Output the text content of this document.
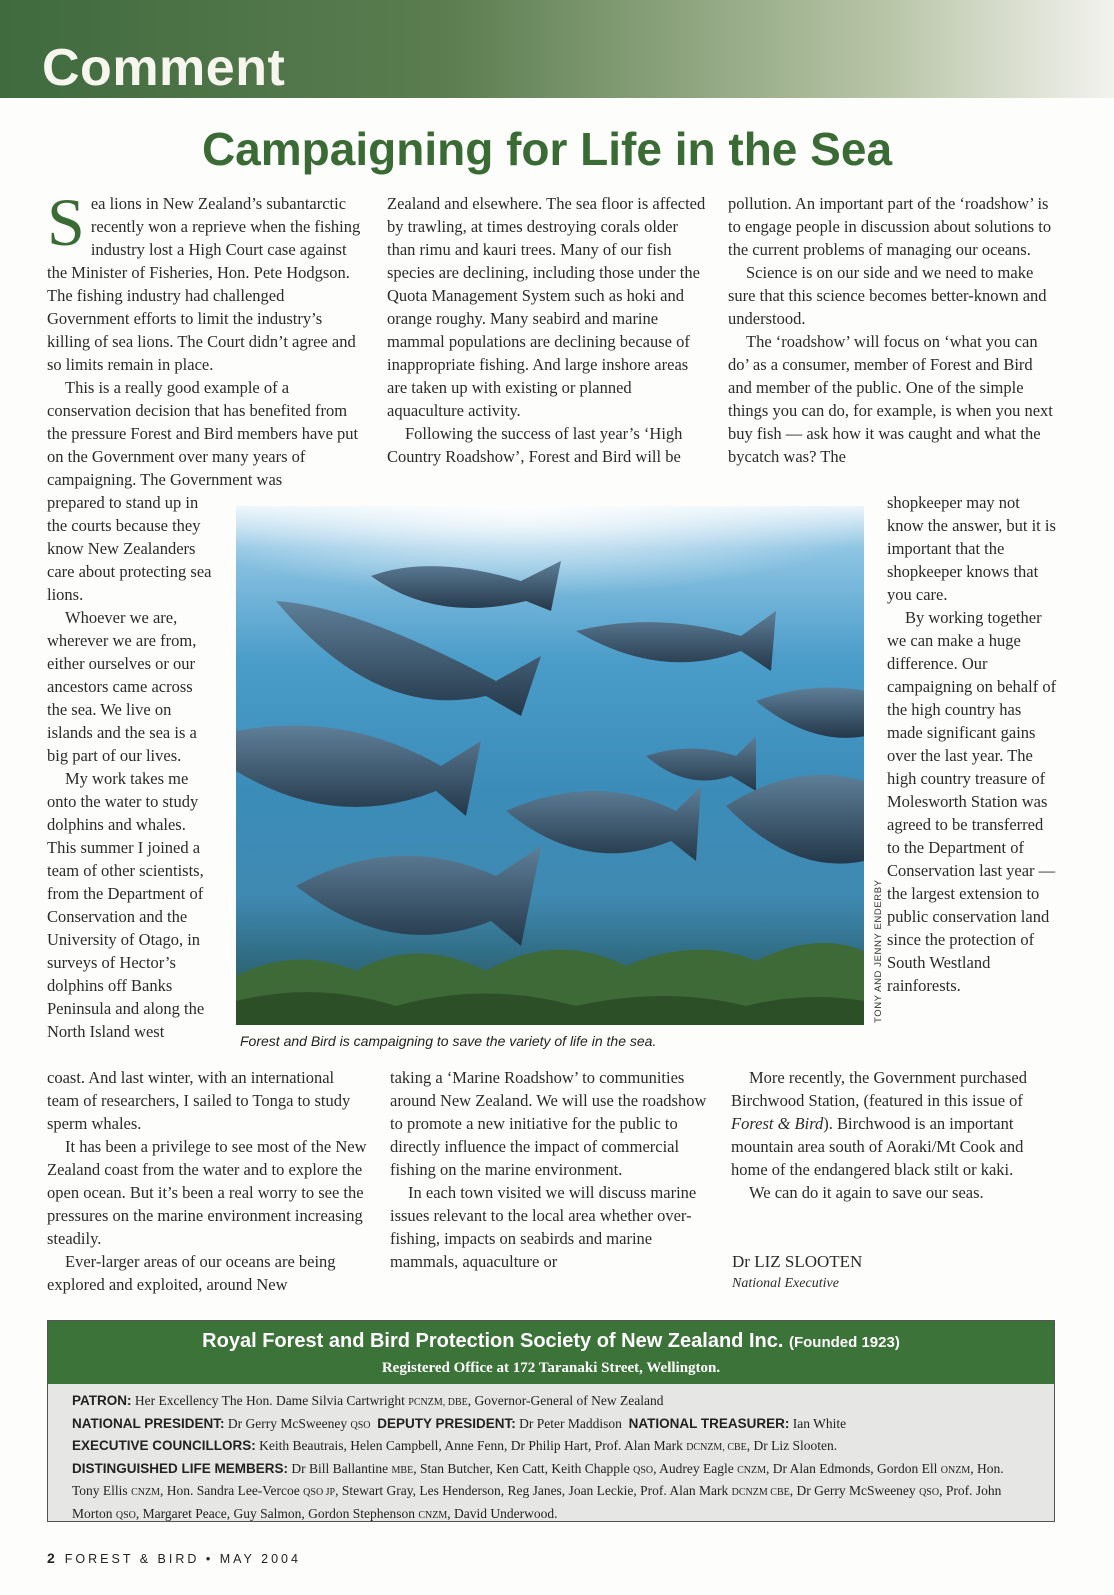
Comment
Campaigning for Life in the Sea

Sea lions in New Zealand’s subantarctic recently won a reprieve when the fishing industry lost a High Court case against the Minister of Fisheries, Hon. Pete Hodgson. The fishing industry had challenged Government efforts to limit the industry’s killing of sea lions. The Court didn’t agree and so limits remain in place.

This is a really good example of a conservation decision that has benefited from the pressure Forest and Bird members have put on the Government over many years of campaigning. The Government was

prepared to stand up in the courts because they know New Zealanders care about protecting sea lions.

Whoever we are, wherever we are from, either ourselves or our ancestors came across the sea. We live on islands and the sea is a big part of our lives.

My work takes me onto the water to study dolphins and whales. This summer I joined a team of other scientists, from the Department of Conservation and the University of Otago, in surveys of Hector’s dolphins off Banks Peninsula and along the North Island west

coast. And last winter, with an international team of researchers, I sailed to Tonga to study sperm whales.

It has been a privilege to see most of the New Zealand coast from the water and to explore the open ocean. But it’s been a real worry to see the pressures on the marine environment increasing steadily.

Ever-larger areas of our oceans are being explored and exploited, around New

Zealand and elsewhere. The sea floor is affected by trawling, at times destroying corals older than rimu and kauri trees. Many of our fish species are declining, including those under the Quota Management System such as hoki and orange roughy. Many seabird and marine mammal populations are declining because of inappropriate fishing. And large inshore areas are taken up with existing or planned aquaculture activity.

Following the success of last year’s ‘High Country Roadshow’, Forest and Bird will be

taking a ‘Marine Roadshow’ to communities around New Zealand. We will use the roadshow to promote a new initiative for the public to directly influence the impact of commercial fishing on the marine environment.

In each town visited we will discuss marine issues relevant to the local area whether over-fishing, impacts on seabirds and marine mammals, aquaculture or

pollution. An important part of the ‘roadshow’ is to engage people in discussion about solutions to the current problems of managing our oceans.

Science is on our side and we need to make sure that this science becomes better-known and understood.

The ‘roadshow’ will focus on ‘what you can do’ as a consumer, member of Forest and Bird and member of the public. One of the simple things you can do, for example, is when you next buy fish — ask how it was caught and what the bycatch was? The

shopkeeper may not know the answer, but it is important that the shopkeeper knows that you care.

By working together we can make a huge difference. Our campaigning on behalf of the high country has made significant gains over the last year. The high country treasure of Molesworth Station was agreed to be transferred to the Department of Conservation last year — the largest extension to public conservation land since the protection of South Westland rainforests.

More recently, the Government purchased Birchwood Station, (featured in this issue of Forest & Bird). Birchwood is an important mountain area south of Aoraki/Mt Cook and home of the endangered black stilt or kaki.

We can do it again to save our seas.

TONY AND JENNY ENDERBY

Forest and Bird is campaigning to save the variety of life in the sea.

Dr LIZ SLOOTEN

National Executive

Royal Forest and Bird Protection Society of New Zealand Inc. (Founded 1923)

Registered Office at 172 Taranaki Street, Wellington.

PATRON: Her Excellency The Hon. Dame Silvia Cartwright PCNZM, DBE, Governor-General of New Zealand

NATIONAL PRESIDENT: Dr Gerry McSweeney QSO DEPUTY PRESIDENT: Dr Peter Maddison NATIONAL TREASURER: Ian White

EXECUTIVE COUNCILLORS: Keith Beautrais, Helen Campbell, Anne Fenn, Dr Philip Hart, Prof. Alan Mark DCNZM, CBE, Dr Liz Slooten.

DISTINGUISHED LIFE MEMBERS: Dr Bill Ballantine MBE, Stan Butcher, Ken Catt, Keith Chapple QSO, Audrey Eagle CNZM, Dr Alan Edmonds, Gordon Ell ONZM, Hon. Tony Ellis CNZM, Hon. Sandra Lee-Vercoe QSO JP, Stewart Gray, Les Henderson, Reg Janes, Joan Leckie, Prof. Alan Mark DCNZM CBE, Dr Gerry McSweeney QSO, Prof. John Morton QSO, Margaret Peace, Guy Salmon, Gordon Stephenson CNZM, David Underwood.

2 FOREST & BIRD • MAY 2004
